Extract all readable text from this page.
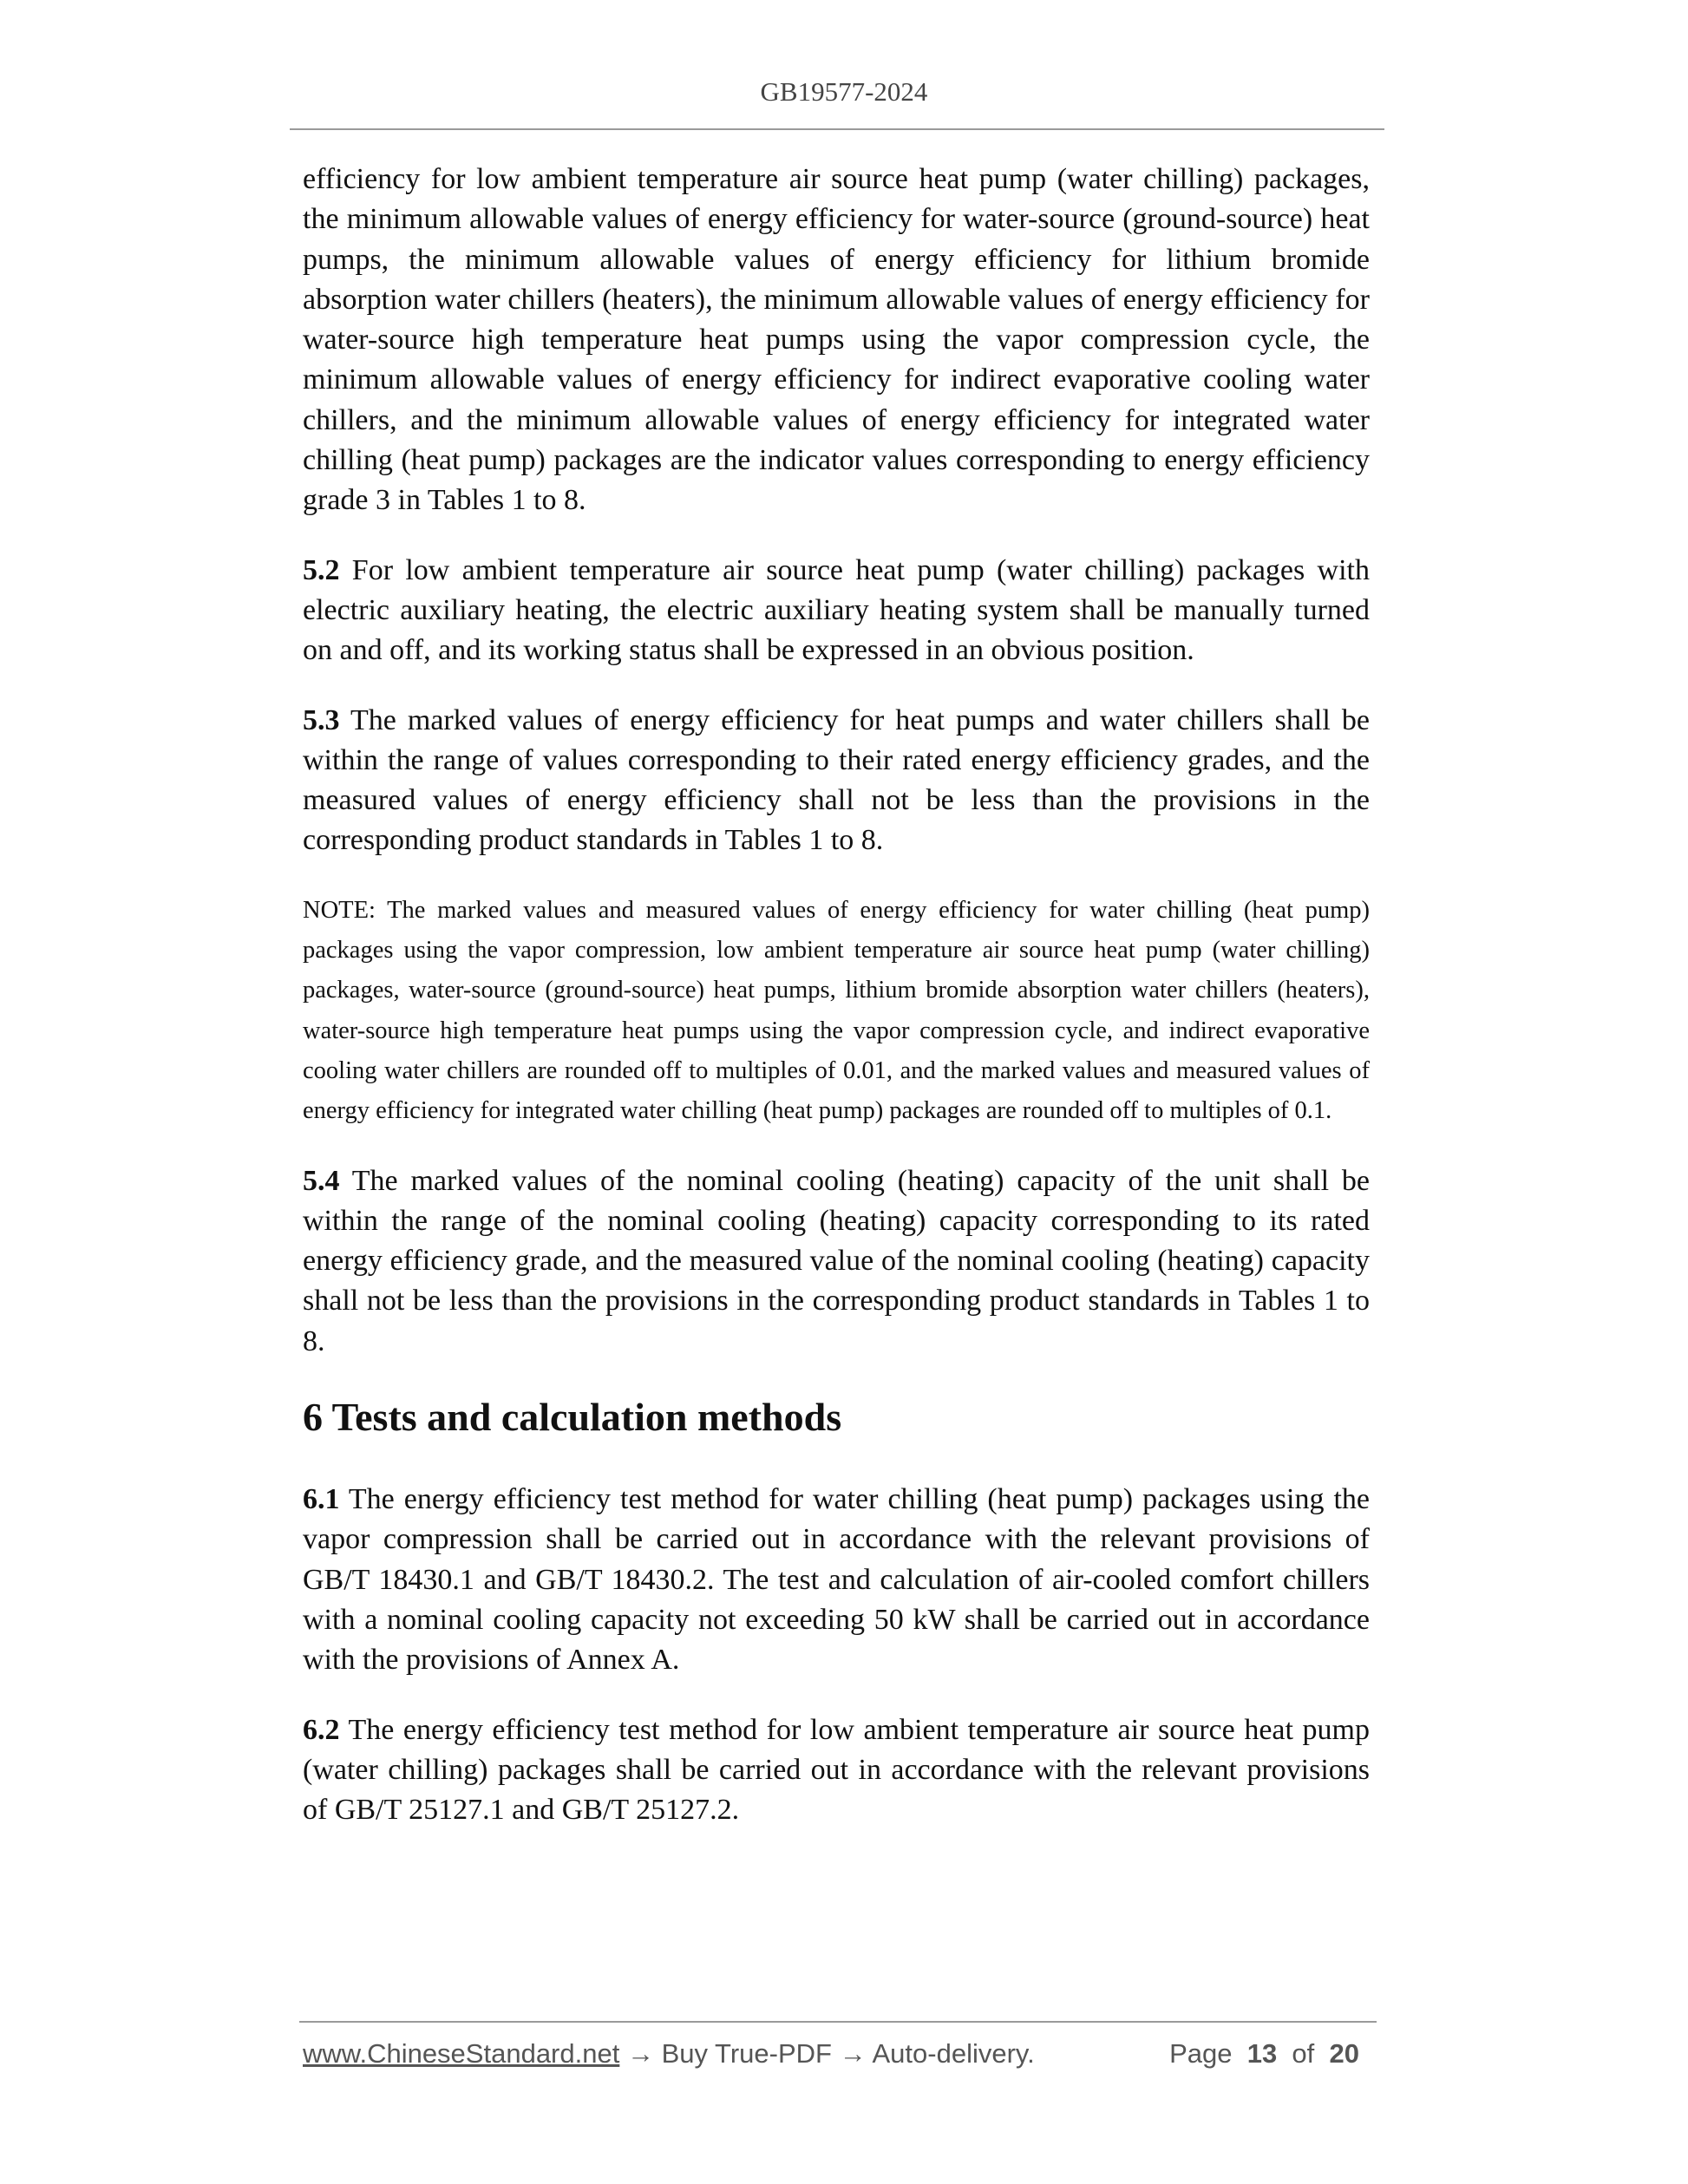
GB19577-2024

efficiency for low ambient temperature air source heat pump (water chilling) packages, the minimum allowable values of energy efficiency for water-source (ground-source) heat pumps, the minimum allowable values of energy efficiency for lithium bromide absorption water chillers (heaters), the minimum allowable values of energy efficiency for water-source high temperature heat pumps using the vapor compression cycle, the minimum allowable values of energy efficiency for indirect evaporative cooling water chillers, and the minimum allowable values of energy efficiency for integrated water chilling (heat pump) packages are the indicator values corresponding to energy efficiency grade 3 in Tables 1 to 8.

5.2 For low ambient temperature air source heat pump (water chilling) packages with electric auxiliary heating, the electric auxiliary heating system shall be manually turned on and off, and its working status shall be expressed in an obvious position.

5.3 The marked values of energy efficiency for heat pumps and water chillers shall be within the range of values corresponding to their rated energy efficiency grades, and the measured values of energy efficiency shall not be less than the provisions in the corresponding product standards in Tables 1 to 8.

NOTE: The marked values and measured values of energy efficiency for water chilling (heat pump) packages using the vapor compression, low ambient temperature air source heat pump (water chilling) packages, water-source (ground-source) heat pumps, lithium bromide absorption water chillers (heaters), water-source high temperature heat pumps using the vapor compression cycle, and indirect evaporative cooling water chillers are rounded off to multiples of 0.01, and the marked values and measured values of energy efficiency for integrated water chilling (heat pump) packages are rounded off to multiples of 0.1.

5.4 The marked values of the nominal cooling (heating) capacity of the unit shall be within the range of the nominal cooling (heating) capacity corresponding to its rated energy efficiency grade, and the measured value of the nominal cooling (heating) capacity shall not be less than the provisions in the corresponding product standards in Tables 1 to 8.

6 Tests and calculation methods

6.1 The energy efficiency test method for water chilling (heat pump) packages using the vapor compression shall be carried out in accordance with the relevant provisions of GB/T 18430.1 and GB/T 18430.2. The test and calculation of air-cooled comfort chillers with a nominal cooling capacity not exceeding 50 kW shall be carried out in accordance with the provisions of Annex A.

6.2 The energy efficiency test method for low ambient temperature air source heat pump (water chilling) packages shall be carried out in accordance with the relevant provisions of GB/T 25127.1 and GB/T 25127.2.

www.ChineseStandard.net → Buy True-PDF → Auto-delivery.	Page 13 of 20
